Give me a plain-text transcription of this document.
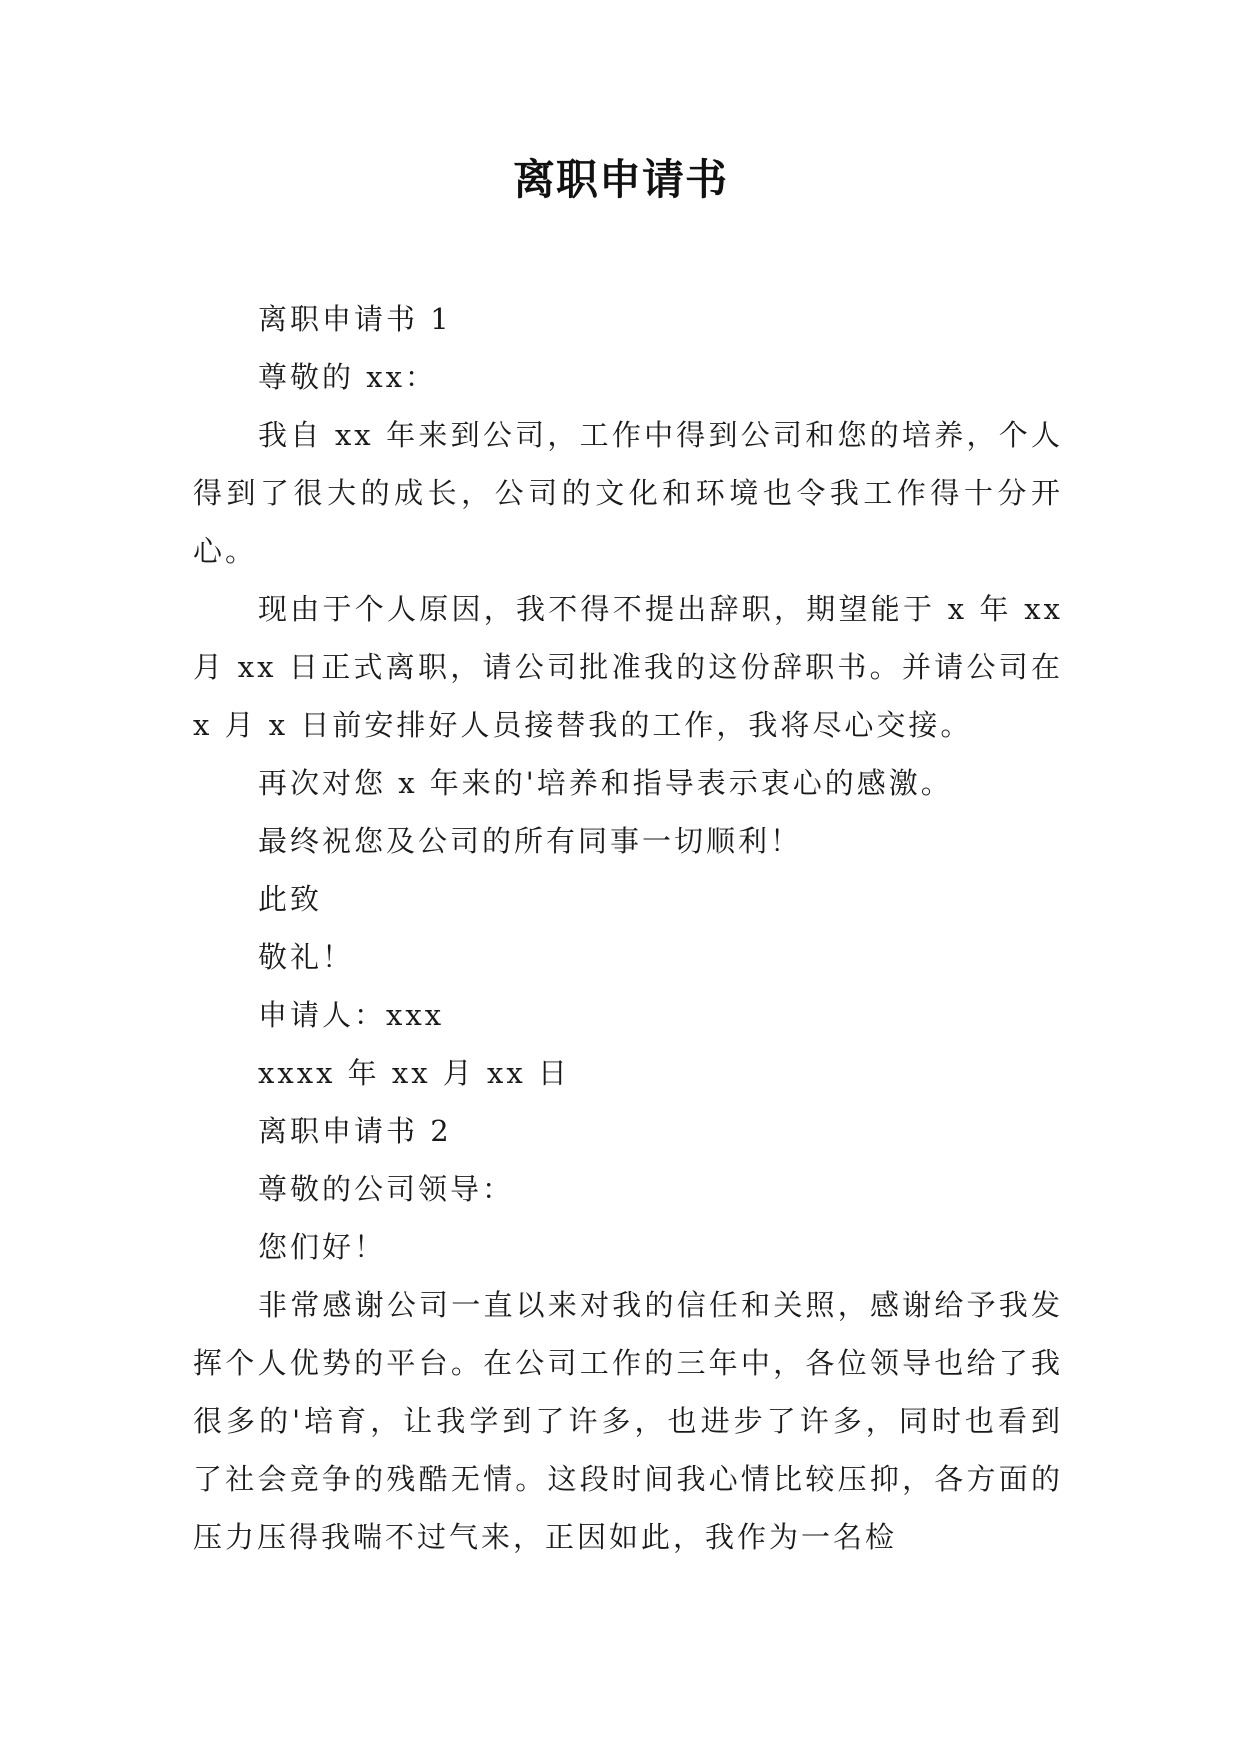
离职申请书

离职申请书 1

尊敬的 xx：

我自 xx 年来到公司，工作中得到公司和您的培养，个人得到了很大的成长，公司的文化和环境也令我工作得十分开心。

现由于个人原因，我不得不提出辞职，期望能于 x 年 xx 月 xx 日正式离职，请公司批准我的这份辞职书。并请公司在 x 月 x 日前安排好人员接替我的工作，我将尽心交接。

再次对您 x 年来的'培养和指导表示衷心的感激。

最终祝您及公司的所有同事一切顺利！

此致

敬礼！

申请人：xxx

xxxx 年 xx 月 xx 日

离职申请书 2

尊敬的公司领导：

您们好！

非常感谢公司一直以来对我的信任和关照，感谢给予我发挥个人优势的平台。在公司工作的三年中，各位领导也给了我很多的'培育，让我学到了许多，也进步了许多，同时也看到了社会竞争的残酷无情。这段时间我心情比较压抑，各方面的压力压得我喘不过气来，正因如此，我作为一名检
